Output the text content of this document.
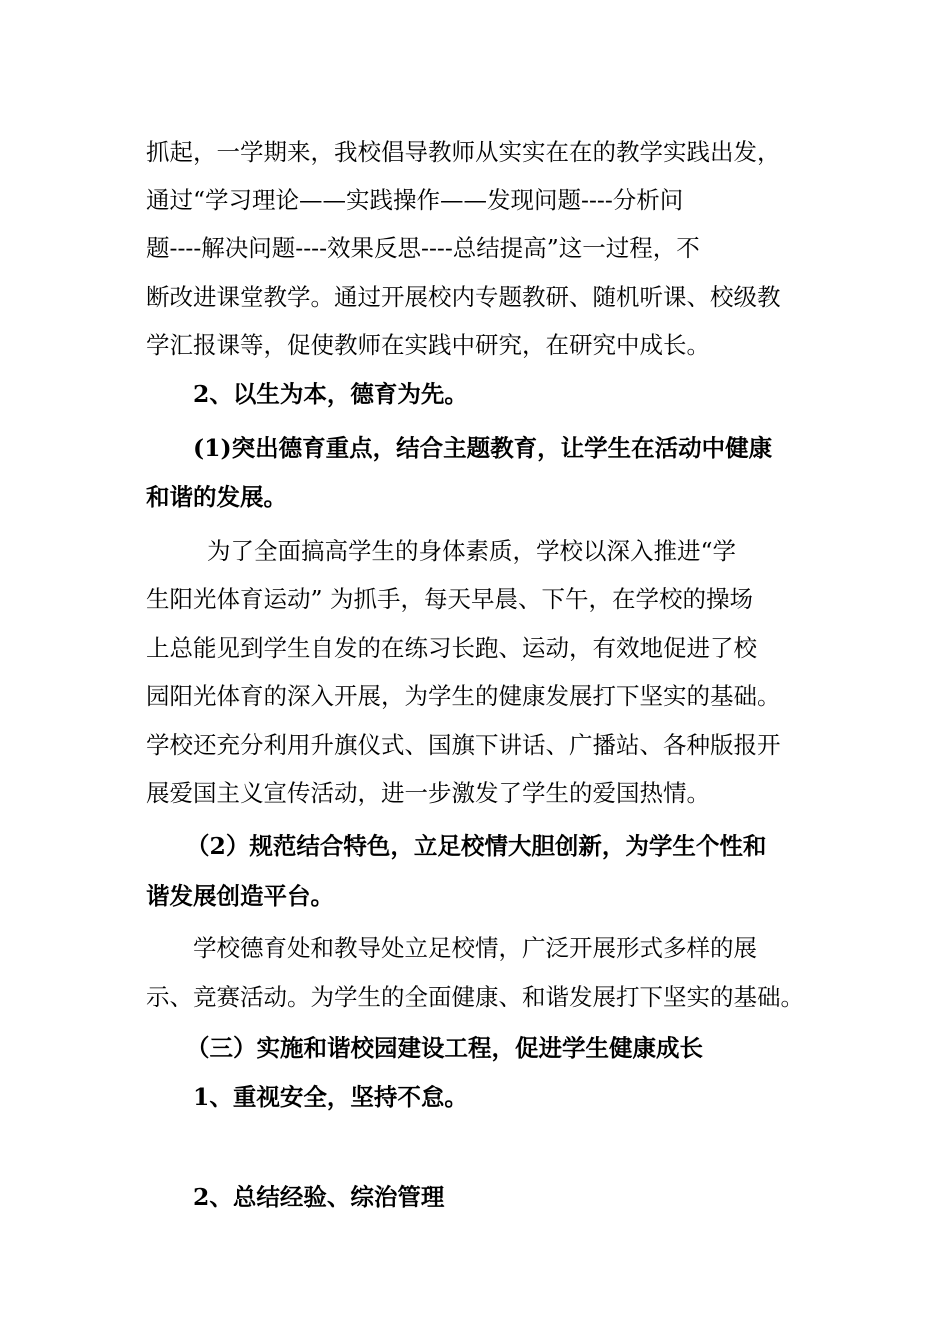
抓起，一学期来，我校倡导教师从实实在在的教学实践出发，
通过“学习理论——实践操作——发现问题----分析问
题----解决问题----效果反思----总结提高”这一过程，不
断改进课堂教学。通过开展校内专题教研、随机听课、校级教
学汇报课等，促使教师在实践中研究，在研究中成长。
2、以生为本，德育为先。
(1)突出德育重点，结合主题教育，让学生在活动中健康
和谐的发展。
为了全面搞高学生的身体素质，学校以深入推进“学
生阳光体育运动” 为抓手，每天早晨、下午，在学校的操场
上总能见到学生自发的在练习长跑、运动，有效地促进了校
园阳光体育的深入开展，为学生的健康发展打下坚实的基础。
学校还充分利用升旗仪式、国旗下讲话、广播站、各种版报开
展爱国主义宣传活动，进一步激发了学生的爱国热情。
（2）规范结合特色，立足校情大胆创新，为学生个性和
谐发展创造平台。
学校德育处和教导处立足校情，广泛开展形式多样的展
示、竞赛活动。为学生的全面健康、和谐发展打下坚实的基础。
（三）实施和谐校园建设工程，促进学生健康成长
1、重视安全，坚持不怠。
2、总结经验、综治管理
